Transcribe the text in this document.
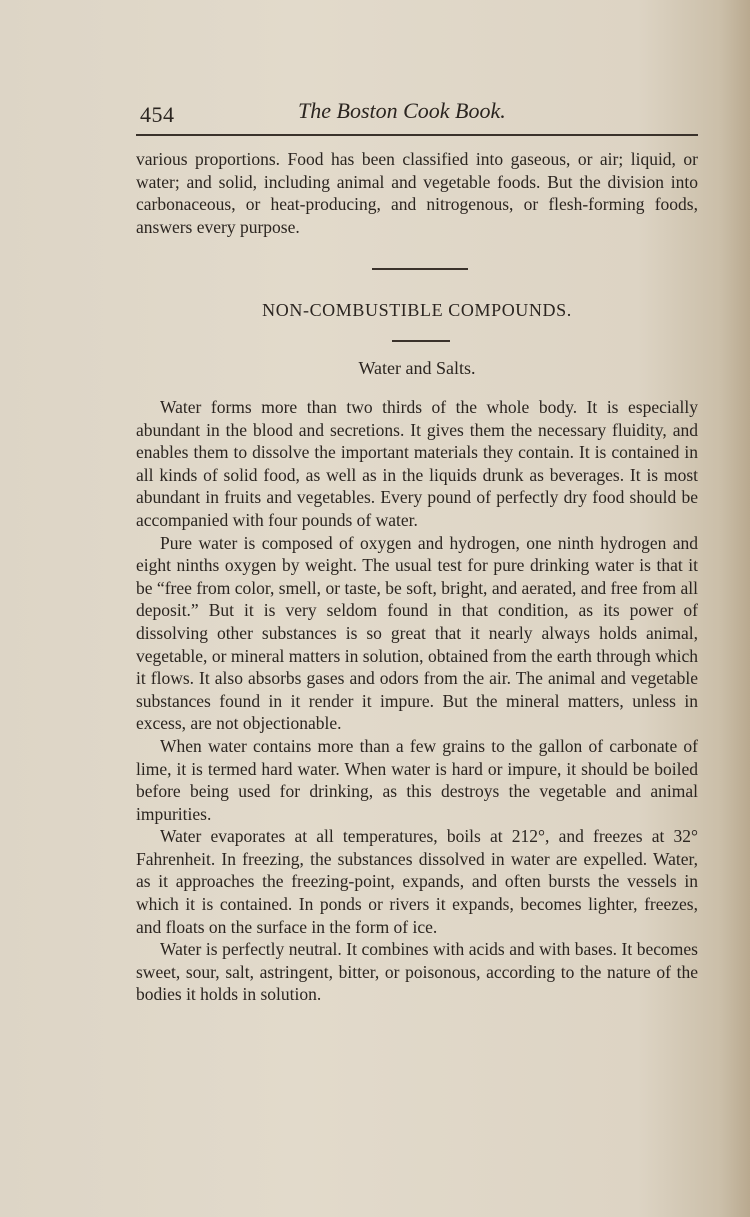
454	The Boston Cook Book.

various proportions. Food has been classified into gaseous, or air; liquid, or water; and solid, including animal and vegetable foods. But the division into carbonaceous, or heat-producing, and nitrogenous, or flesh-forming foods, answers every purpose.

NON-COMBUSTIBLE COMPOUNDS.
Water and Salts.

Water forms more than two thirds of the whole body. It is especially abundant in the blood and secretions. It gives them the necessary fluidity, and enables them to dissolve the important materials they contain. It is contained in all kinds of solid food, as well as in the liquids drunk as beverages. It is most abundant in fruits and vegetables. Every pound of perfectly dry food should be accompanied with four pounds of water.

Pure water is composed of oxygen and hydrogen, one ninth hydrogen and eight ninths oxygen by weight. The usual test for pure drinking water is that it be “free from color, smell, or taste, be soft, bright, and aerated, and free from all deposit.” But it is very seldom found in that condition, as its power of dissolving other substances is so great that it nearly always holds animal, vegetable, or mineral matters in solution, obtained from the earth through which it flows. It also absorbs gases and odors from the air. The animal and vegetable substances found in it render it impure. But the mineral matters, unless in excess, are not objectionable.

When water contains more than a few grains to the gallon of carbonate of lime, it is termed hard water. When water is hard or impure, it should be boiled before being used for drinking, as this destroys the vegetable and animal impurities.

Water evaporates at all temperatures, boils at 212°, and freezes at 32° Fahrenheit. In freezing, the substances dissolved in water are expelled. Water, as it approaches the freezing-point, expands, and often bursts the vessels in which it is contained. In ponds or rivers it expands, becomes lighter, freezes, and floats on the surface in the form of ice.

Water is perfectly neutral. It combines with acids and with bases. It becomes sweet, sour, salt, astringent, bitter, or poisonous, according to the nature of the bodies it holds in solution.
